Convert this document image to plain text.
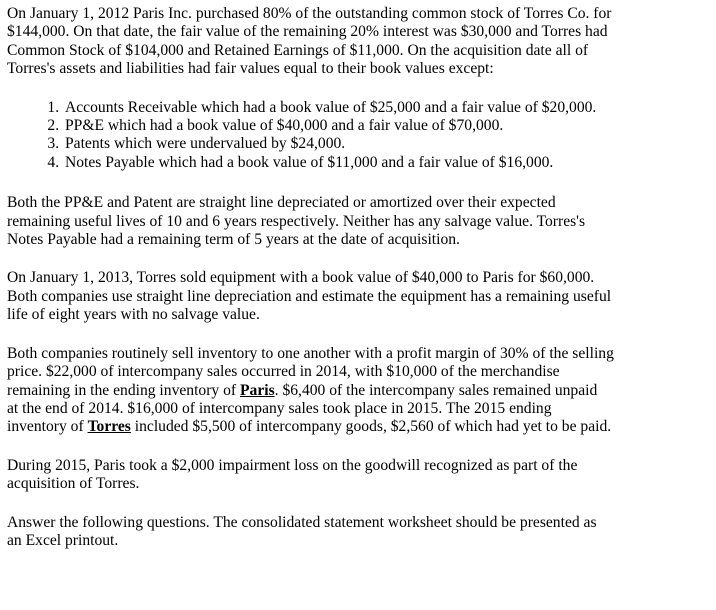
On January 1, 2012 Paris Inc. purchased 80% of the outstanding common stock of Torres Co. for
$144,000. On that date, the fair value of the remaining 20% interest was $30,000 and Torres had
Common Stock of $104,000 and Retained Earnings of $11,000. On the acquisition date all of
Torres's assets and liabilities had fair values equal to their book values except:

1. Accounts Receivable which had a book value of $25,000 and a fair value of $20,000.
2. PP&E which had a book value of $40,000 and a fair value of $70,000.
3. Patents which were undervalued by $24,000.
4. Notes Payable which had a book value of $11,000 and a fair value of $16,000.

Both the PP&E and Patent are straight line depreciated or amortized over their expected
remaining useful lives of 10 and 6 years respectively. Neither has any salvage value. Torres's
Notes Payable had a remaining term of 5 years at the date of acquisition.

On January 1, 2013, Torres sold equipment with a book value of $40,000 to Paris for $60,000.
Both companies use straight line depreciation and estimate the equipment has a remaining useful
life of eight years with no salvage value.

Both companies routinely sell inventory to one another with a profit margin of 30% of the selling
price. $22,000 of intercompany sales occurred in 2014, with $10,000 of the merchandise
remaining in the ending inventory of Paris. $6,400 of the intercompany sales remained unpaid
at the end of 2014. $16,000 of intercompany sales took place in 2015. The 2015 ending
inventory of Torres included $5,500 of intercompany goods, $2,560 of which had yet to be paid.

During 2015, Paris took a $2,000 impairment loss on the goodwill recognized as part of the
acquisition of Torres.

Answer the following questions. The consolidated statement worksheet should be presented as
an Excel printout.
